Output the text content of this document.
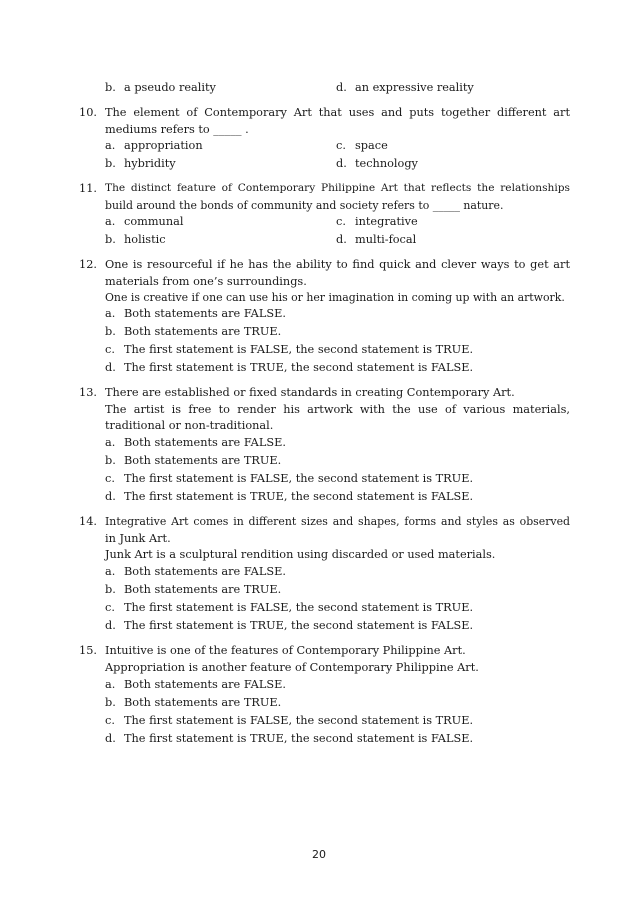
b. a pseudo reality	d. an expressive reality
10. The element of Contemporary Art that uses and puts together different art
mediums refers to _____ .
a. appropriation	c. space
b. hybridity	d. technology
11. The distinct feature of Contemporary Philippine Art that reflects the relationships
build around the bonds of community and society refers to _____ nature.
a. communal	c. integrative
b. holistic	d. multi-focal
12. One is resourceful if he has the ability to find quick and clever ways to get art
materials from one’s surroundings.
One is creative if one can use his or her imagination in coming up with an artwork.
a. Both statements are FALSE.
b. Both statements are TRUE.
c. The first statement is FALSE, the second statement is TRUE.
d. The first statement is TRUE, the second statement is FALSE.
13. There are established or fixed standards in creating Contemporary Art.
The artist is free to render his artwork with the use of various materials,
traditional or non-traditional.
a. Both statements are FALSE.
b. Both statements are TRUE.
c. The first statement is FALSE, the second statement is TRUE.
d. The first statement is TRUE, the second statement is FALSE.
14. Integrative Art comes in different sizes and shapes, forms and styles as observed
in Junk Art.
Junk Art is a sculptural rendition using discarded or used materials.
a. Both statements are FALSE.
b. Both statements are TRUE.
c. The first statement is FALSE, the second statement is TRUE.
d. The first statement is TRUE, the second statement is FALSE.
15. Intuitive is one of the features of Contemporary Philippine Art.
Appropriation is another feature of Contemporary Philippine Art.
a. Both statements are FALSE.
b. Both statements are TRUE.
c. The first statement is FALSE, the second statement is TRUE.
d. The first statement is TRUE, the second statement is FALSE.
20
